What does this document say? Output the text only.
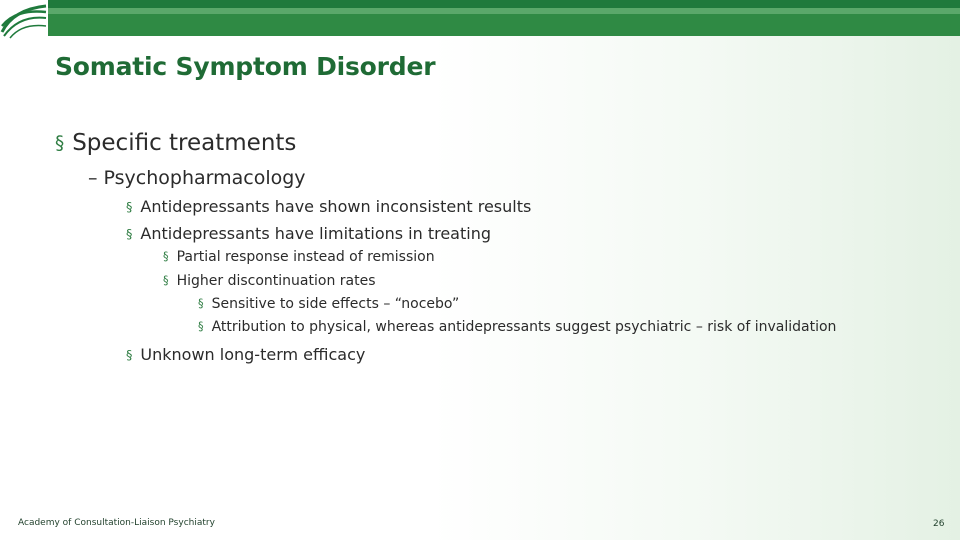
Somatic Symptom Disorder
§ Specific treatments
– Psychopharmacology
§ Antidepressants have shown inconsistent results
§ Antidepressants have limitations in treating
§ Partial response instead of remission
§ Higher discontinuation rates
§ Sensitive to side effects – “nocebo”
§ Attribution to physical, whereas antidepressants suggest psychiatric – risk of invalidation
§ Unknown long-term efficacy
Academy of Consultation-Liaison Psychiatry	26
